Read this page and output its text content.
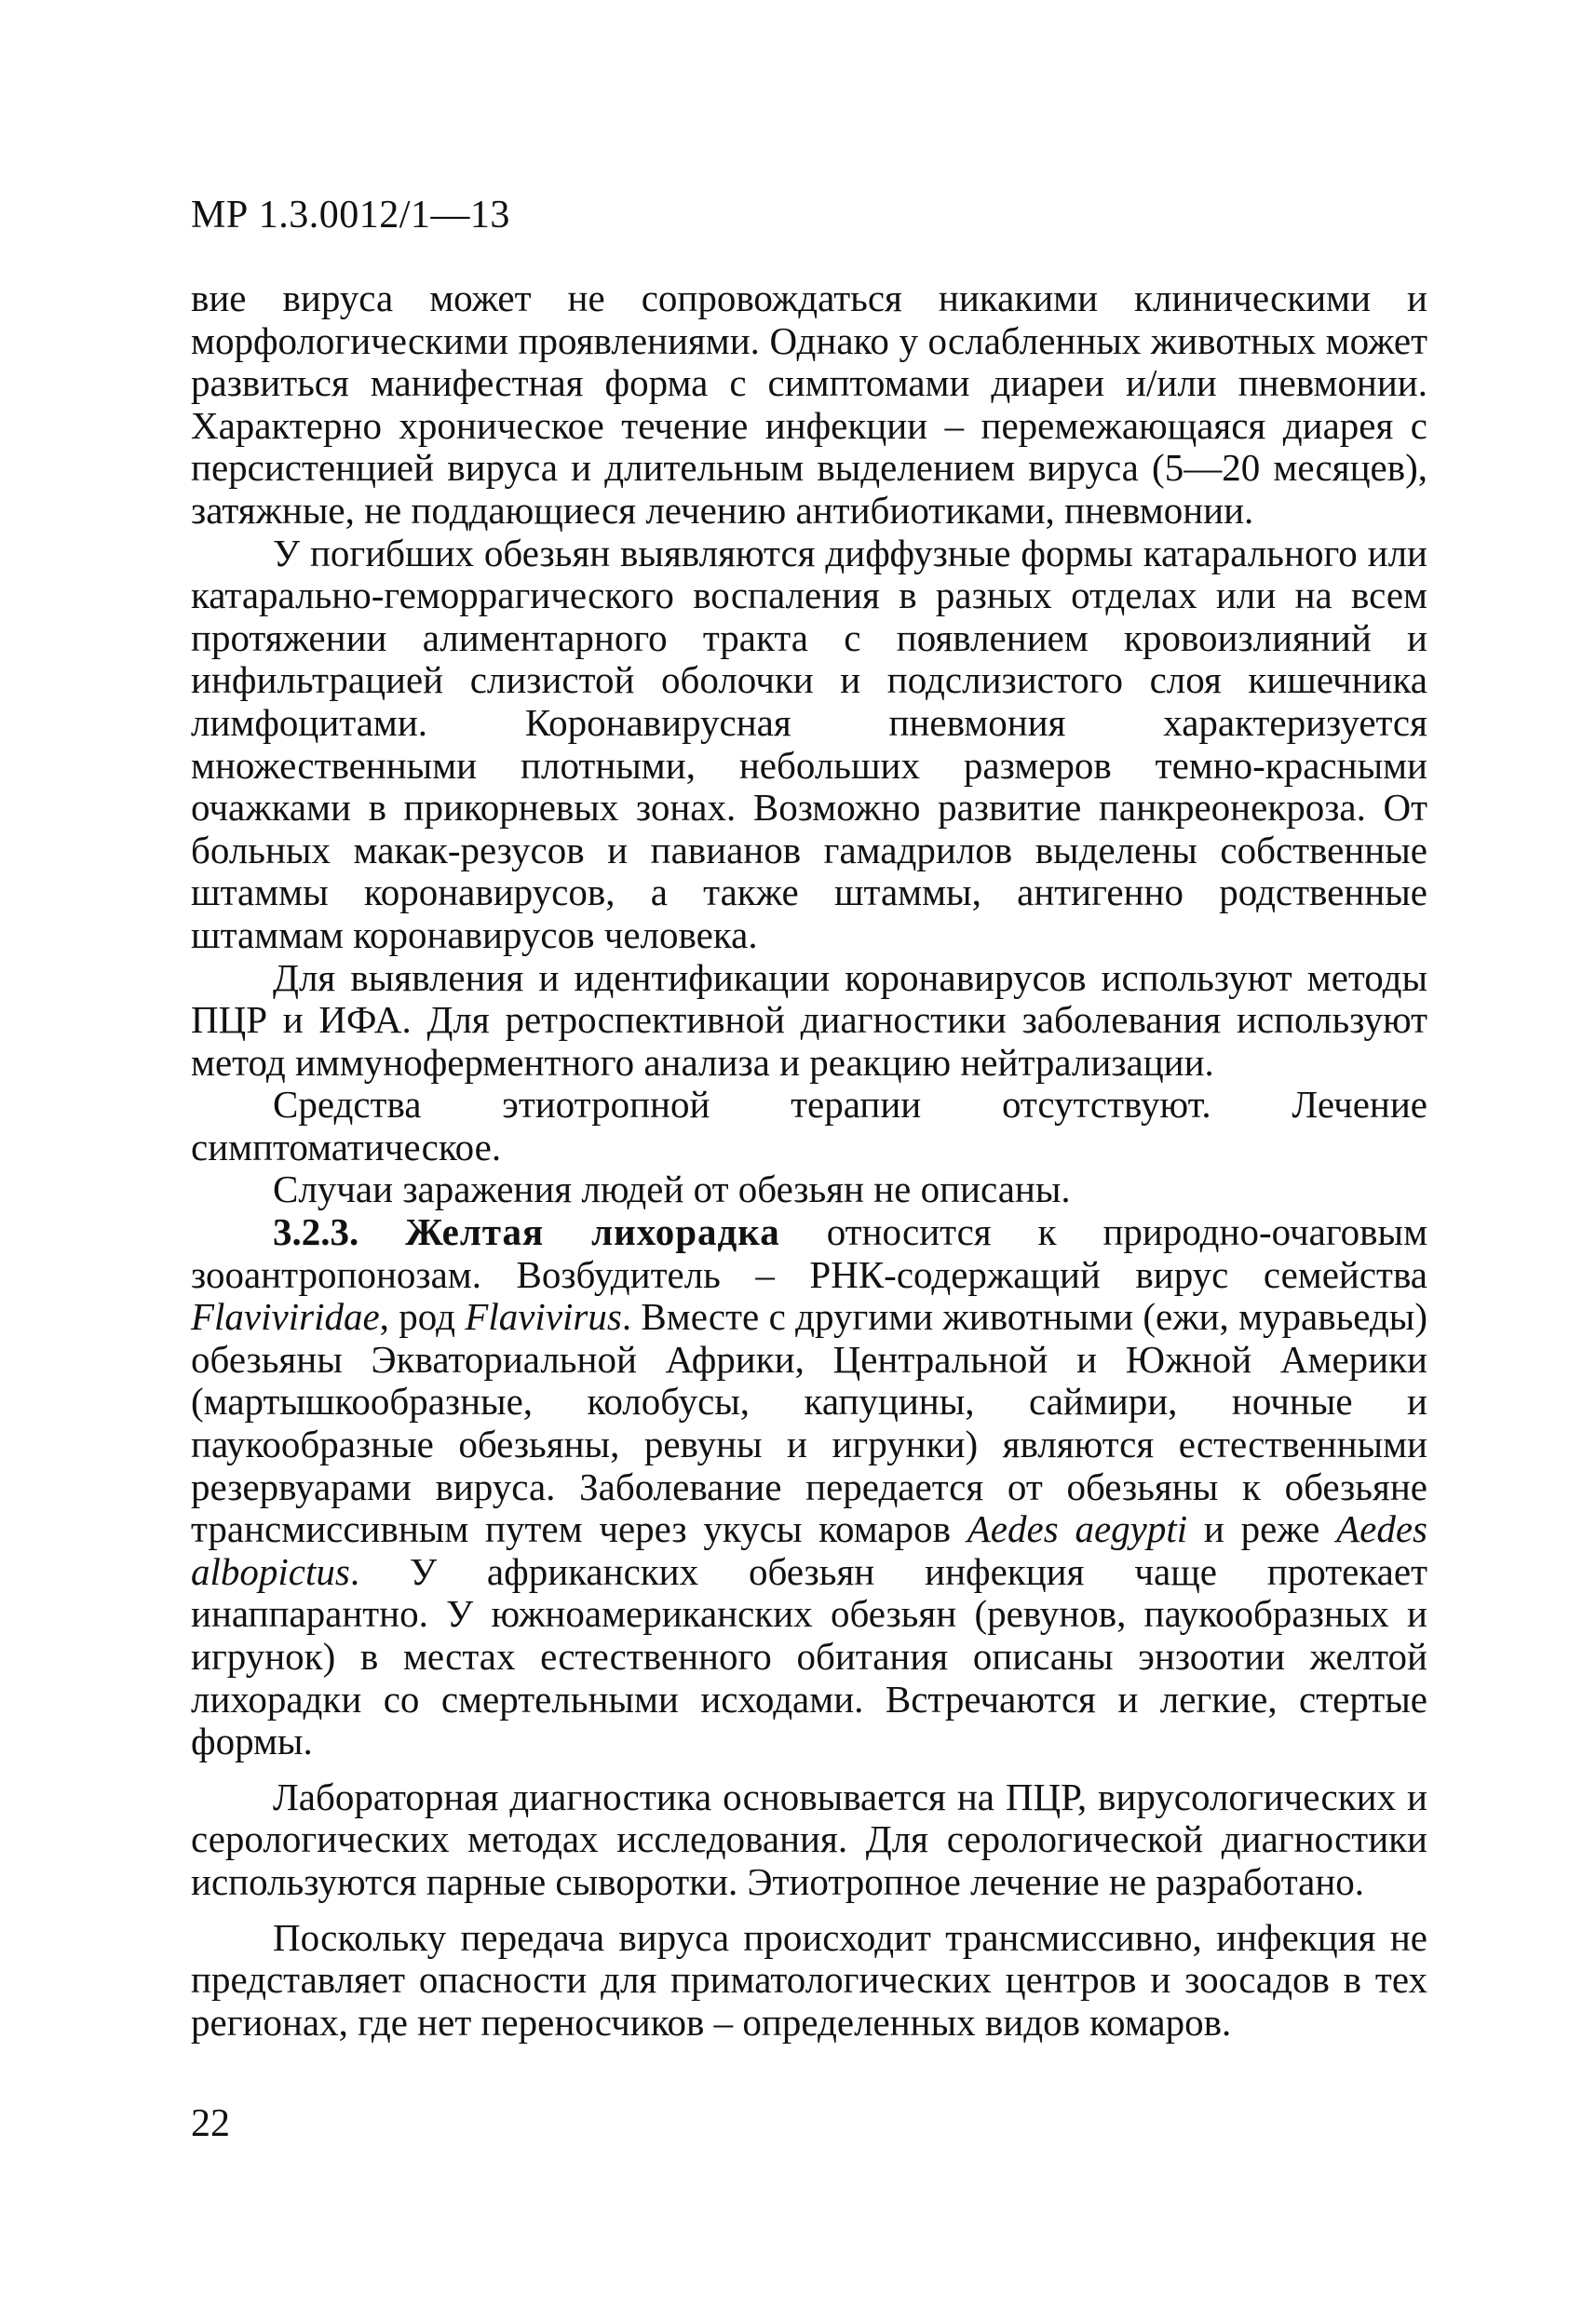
МР 1.3.0012/1—13

вие вируса может не сопровождаться никакими клиническими и морфологическими проявлениями. Однако у ослабленных животных может развиться манифестная форма с симптомами диареи и/или пневмонии. Характерно хроническое течение инфекции – перемежающаяся диарея с персистенцией вируса и длительным выделением вируса (5—20 месяцев), затяжные, не поддающиеся лечению антибиотиками, пневмонии.

У погибших обезьян выявляются диффузные формы катарального или катарально-геморрагического воспаления в разных отделах или на всем протяжении алиментарного тракта с появлением кровоизлияний и инфильтрацией слизистой оболочки и подслизистого слоя кишечника лимфоцитами. Коронавирусная пневмония характеризуется множественными плотными, небольших размеров темно-красными очажками в прикорневых зонах. Возможно развитие панкреонекроза. От больных макак-резусов и павианов гамадрилов выделены собственные штаммы коронавирусов, а также штаммы, антигенно родственные штаммам коронавирусов человека.

Для выявления и идентификации коронавирусов используют методы ПЦР и ИФА. Для ретроспективной диагностики заболевания используют метод иммуноферментного анализа и реакцию нейтрализации.

Средства этиотропной терапии отсутствуют. Лечение симптоматическое.

Случаи заражения людей от обезьян не описаны.

3.2.3. Желтая лихорадка относится к природно-очаговым зооантропонозам. Возбудитель – РНК-содержащий вирус семейства Flaviviridae, род Flavivirus. Вместе с другими животными (ежи, муравьеды) обезьяны Экваториальной Африки, Центральной и Южной Америки (мартышкообразные, колобусы, капуцины, саймири, ночные и паукообразные обезьяны, ревуны и игрунки) являются естественными резервуарами вируса. Заболевание передается от обезьяны к обезьяне трансмиссивным путем через укусы комаров Aedes aegypti и реже Aedes albopictus. У африканских обезьян инфекция чаще протекает инаппарантно. У южноамериканских обезьян (ревунов, паукообразных и игрунок) в местах естественного обитания описаны энзоотии желтой лихорадки со смертельными исходами. Встречаются и легкие, стертые формы.

Лабораторная диагностика основывается на ПЦР, вирусологических и серологических методах исследования. Для серологической диагностики используются парные сыворотки. Этиотропное лечение не разработано.

Поскольку передача вируса происходит трансмиссивно, инфекция не представляет опасности для приматологических центров и зоосадов в тех регионах, где нет переносчиков – определенных видов комаров.

22
